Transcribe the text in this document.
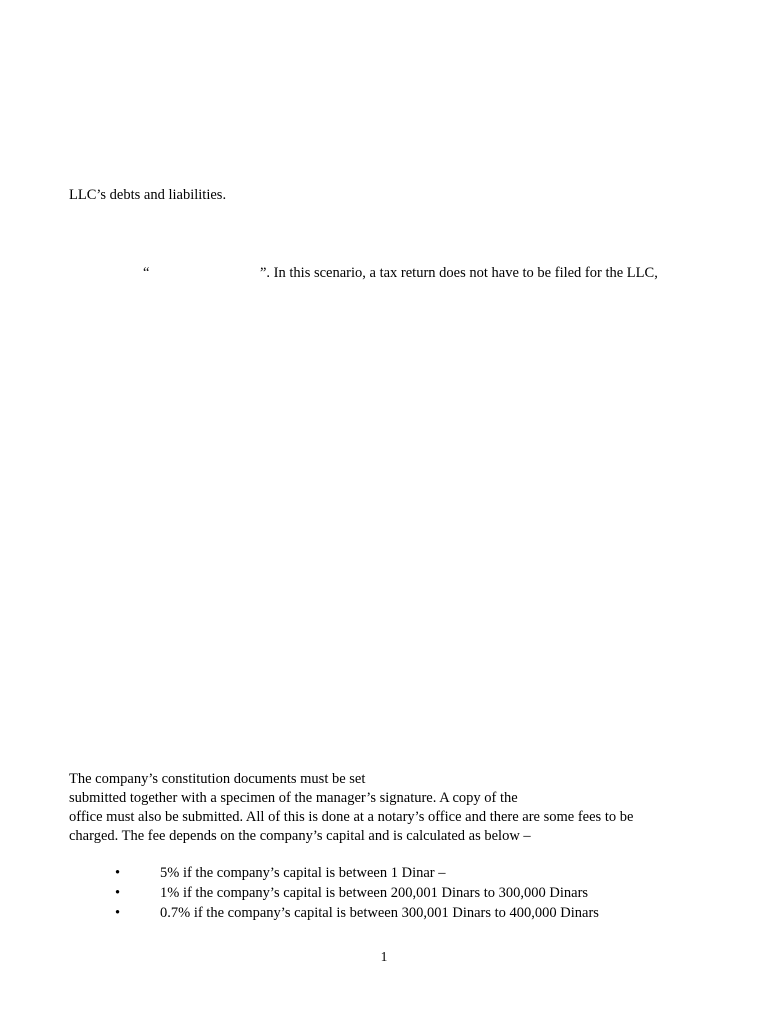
LLC’s debts and liabilities.
“	”. In this scenario, a tax return does not have to be filed for the LLC,
The company’s constitution documents must be set
submitted together with a specimen of the manager’s signature. A copy of the
office must also be submitted. All of this is done at a notary’s office and there are some fees to be
charged. The fee depends on the company’s capital and is calculated as below –
•	5% if the company’s capital is between 1 Dinar –
•	1% if the company’s capital is between 200,001 Dinars to 300,000 Dinars
•	0.7% if the company’s capital is between 300,001 Dinars to 400,000 Dinars
1
